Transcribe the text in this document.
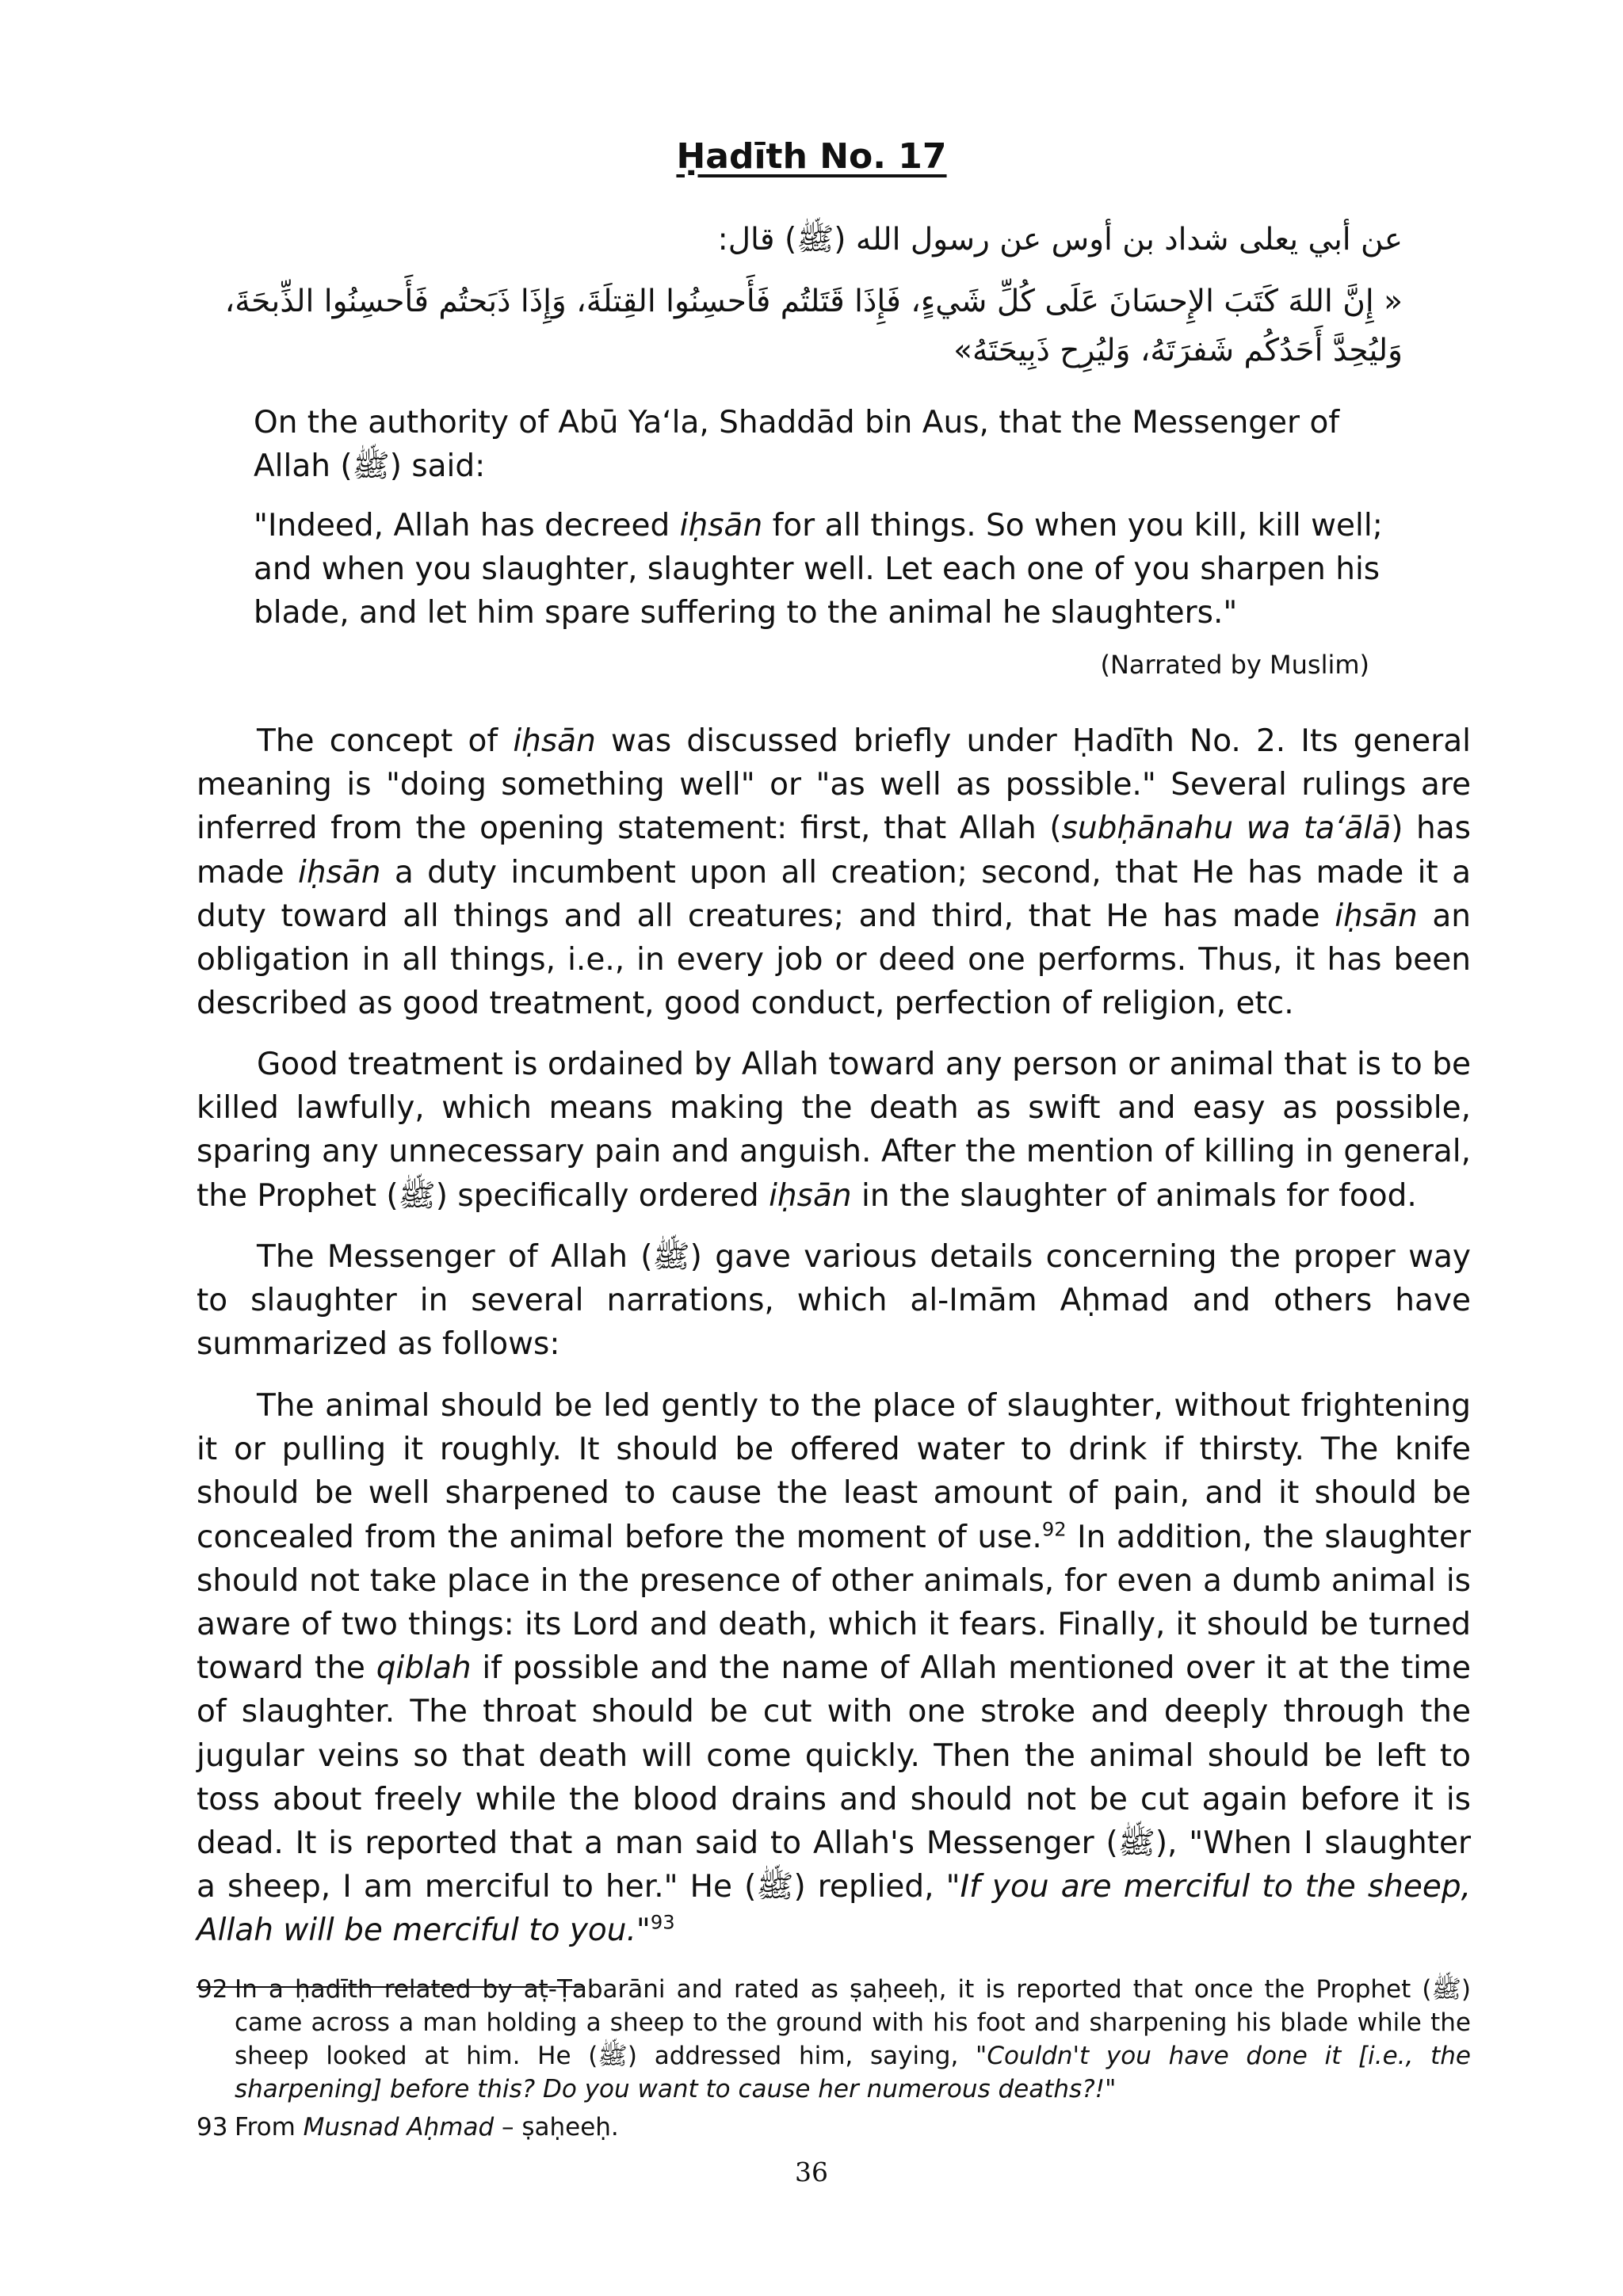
Ḥadīth No. 17
عن أبي يعلى شداد بن أوس عن رسول الله (ﷺ) قال:
« إِنَّ اللهَ كَتَبَ الإِحسَانَ عَلَى كُلِّ شَيءٍ، فَإِذَا قَتَلتُم فَأَحسِنُوا القِتلَةَ، وَإِذَا ذَبَحتُم فَأَحسِنُوا الذِّبحَةَ،
وَليُحِدَّ أَحَدُكُم شَفرَتَهُ، وَليُرِح ذَبِيحَتَهُ»
On the authority of Abū Ya‘la, Shaddād bin Aus, that the Messenger of Allah (ﷺ) said:
"Indeed, Allah has decreed iḥsān for all things. So when you kill, kill well; and when you slaughter, slaughter well. Let each one of you sharpen his blade, and let him spare suffering to the animal he slaughters."
(Narrated by Muslim)
The concept of iḥsān was discussed briefly under Ḥadīth No. 2. Its general meaning is "doing something well" or "as well as possible." Several rulings are inferred from the opening statement: first, that Allah (subḥānahu wa ta‘ālā) has made iḥsān a duty incumbent upon all creation; second, that He has made it a duty toward all things and all creatures; and third, that He has made iḥsān an obligation in all things, i.e., in every job or deed one performs. Thus, it has been described as good treatment, good conduct, perfection of religion, etc.
Good treatment is ordained by Allah toward any person or animal that is to be killed lawfully, which means making the death as swift and easy as possible, sparing any unnecessary pain and anguish. After the mention of killing in general, the Prophet (ﷺ) specifically ordered iḥsān in the slaughter of animals for food.
The Messenger of Allah (ﷺ) gave various details concerning the proper way to slaughter in several narrations, which al-Imām Aḥmad and others have summarized as follows:
The animal should be led gently to the place of slaughter, without frightening it or pulling it roughly. It should be offered water to drink if thirsty. The knife should be well sharpened to cause the least amount of pain, and it should be concealed from the animal before the moment of use.$^{92}$ In addition, the slaughter should not take place in the presence of other animals, for even a dumb animal is aware of two things: its Lord and death, which it fears. Finally, it should be turned toward the qiblah if possible and the name of Allah mentioned over it at the time of slaughter. The throat should be cut with one stroke and deeply through the jugular veins so that death will come quickly. Then the animal should be left to toss about freely while the blood drains and should not be cut again before it is dead. It is reported that a man said to Allah's Messenger (ﷺ), "When I slaughter a sheep, I am merciful to her." He (ﷺ) replied, "If you are merciful to the sheep, Allah will be merciful to you."$^{93}$
92 In a ḥadīth related by aṭ-Ṭabarāni and rated as ṣaḥeeḥ, it is reported that once the Prophet (ﷺ) came across a man holding a sheep to the ground with his foot and sharpening his blade while the sheep looked at him. He (ﷺ) addressed him, saying, "Couldn't you have done it [i.e., the sharpening] before this? Do you want to cause her numerous deaths?!"
93 From Musnad Aḥmad – ṣaḥeeḥ.
36
